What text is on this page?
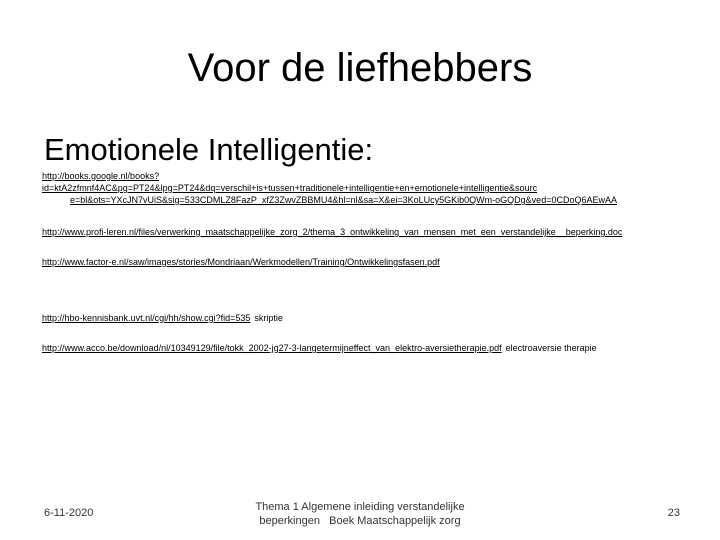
Voor de liefhebbers
Emotionele Intelligentie:
http://books.google.nl/books?id=ktA2zfmnf4AC&pg=PT24&lpg=PT24&dq=verschil+is+tussen+traditionele+intelligentie+en+emotionele+intelligentie&sourc
e=bl&ots=YXcJN7vUiS&sig=533CDMLZ8FazP_xfZ3ZwvZBBMU4&hl=nl&sa=X&ei=3KoLUcy5GKib0QWm-oGQDg&ved=0CDoQ6AEwAA
http://www.profi-leren.nl/files/verwerking_maatschappelijke_zorg_2/thema_3_ontwikkeling_van_mensen_met_een_verstandelijke__beperking.doc
http://www.factor-e.nl/saw/images/stories/Mondriaan/Werkmodellen/Training/Ontwikkelingsfasen.pdf
http://hbo-kennisbank.uvt.nl/cgi/hh/show.cgi?fid=535 skriptie
http://www.acco.be/download/nl/10349129/file/tokk_2002-jg27-3-langetermijneffect_van_elektro-aversietherapie.pdf electroaversie therapie
6-11-2020	Thema 1 Algemene inleiding verstandelijke
beperkingen   Boek Maatschappelijk zorg
23
